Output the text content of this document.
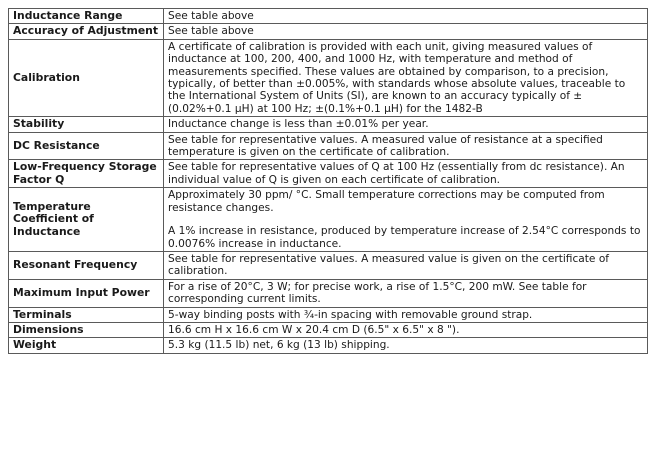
Inductance Range	See table above

Accuracy of Adjustment	See table above

Calibration	A certificate of calibration is provided with each unit, giving measured values of inductance at 100, 200, 400, and 1000 Hz, with temperature and method of measurements specified. These values are obtained by comparison, to a precision, typically, of better than ±0.005%, with standards whose absolute values, traceable to the International System of Units (SI), are known to an accuracy typically of ±(0.02%+0.1 µH) at 100 Hz; ±(0.1%+0.1 µH) for the 1482-B

Stability	Inductance change is less than ±0.01% per year.

DC Resistance	See table for representative values. A measured value of resistance at a specified temperature is given on the certificate of calibration.

Low-Frequency Storage Factor Q	See table for representative values of Q at 100 Hz (essentially from dc resistance). An individual value of Q is given on each certificate of calibration.

Temperature Coefficient of Inductance	Approximately 30 ppm/ °C. Small temperature corrections may be computed from resistance changes.

A 1% increase in resistance, produced by temperature increase of 2.54°C corresponds to 0.0076% increase in inductance.

Resonant Frequency	See table for representative values. A measured value is given on the certificate of calibration.

Maximum Input Power	For a rise of 20°C, 3 W; for precise work, a rise of 1.5°C, 200 mW. See table for corresponding current limits.

Terminals	5-way binding posts with ¾-in spacing with removable ground strap.

Dimensions	16.6 cm H x 16.6 cm W x 20.4 cm D (6.5" x 6.5" x 8 ").

Weight	5.3 kg (11.5 lb) net, 6 kg (13 lb) shipping.
